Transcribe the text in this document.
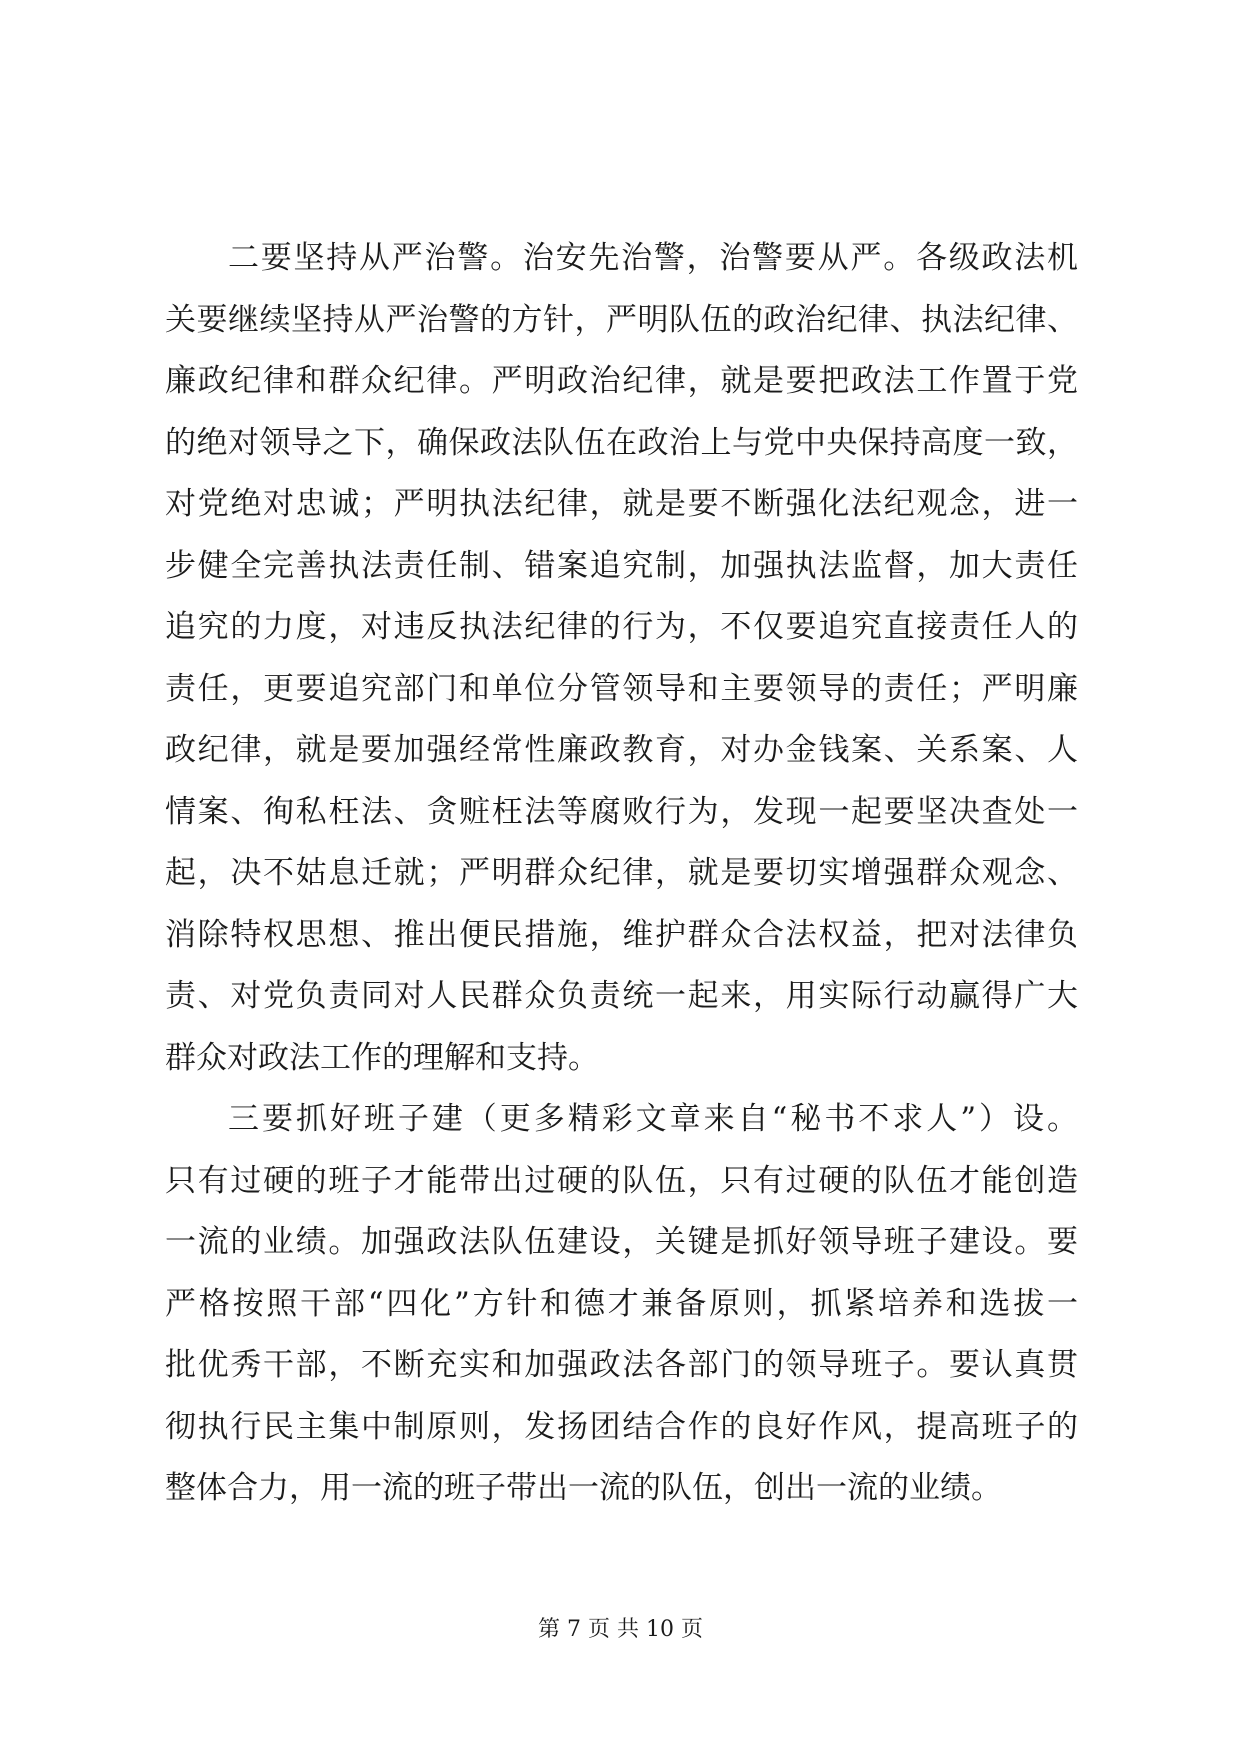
二要坚持从严治警。治安先治警，治警要从严。各级政法机
关要继续坚持从严治警的方针，严明队伍的政治纪律、执法纪律、
廉政纪律和群众纪律。严明政治纪律，就是要把政法工作置于党
的绝对领导之下，确保政法队伍在政治上与党中央保持高度一致，
对党绝对忠诚；严明执法纪律，就是要不断强化法纪观念，进一
步健全完善执法责任制、错案追究制，加强执法监督，加大责任
追究的力度，对违反执法纪律的行为，不仅要追究直接责任人的
责任，更要追究部门和单位分管领导和主要领导的责任；严明廉
政纪律，就是要加强经常性廉政教育，对办金钱案、关系案、人
情案、徇私枉法、贪赃枉法等腐败行为，发现一起要坚决查处一
起，决不姑息迁就；严明群众纪律，就是要切实增强群众观念、
消除特权思想、推出便民措施，维护群众合法权益，把对法律负
责、对党负责同对人民群众负责统一起来，用实际行动赢得广大
群众对政法工作的理解和支持。
三要抓好班子建（更多精彩文章来自“秘书不求人”）设。
只有过硬的班子才能带出过硬的队伍，只有过硬的队伍才能创造
一流的业绩。加强政法队伍建设，关键是抓好领导班子建设。要
严格按照干部“四化”方针和德才兼备原则，抓紧培养和选拔一
批优秀干部，不断充实和加强政法各部门的领导班子。要认真贯
彻执行民主集中制原则，发扬团结合作的良好作风，提高班子的
整体合力，用一流的班子带出一流的队伍，创出一流的业绩。
第 7 页 共 10 页
